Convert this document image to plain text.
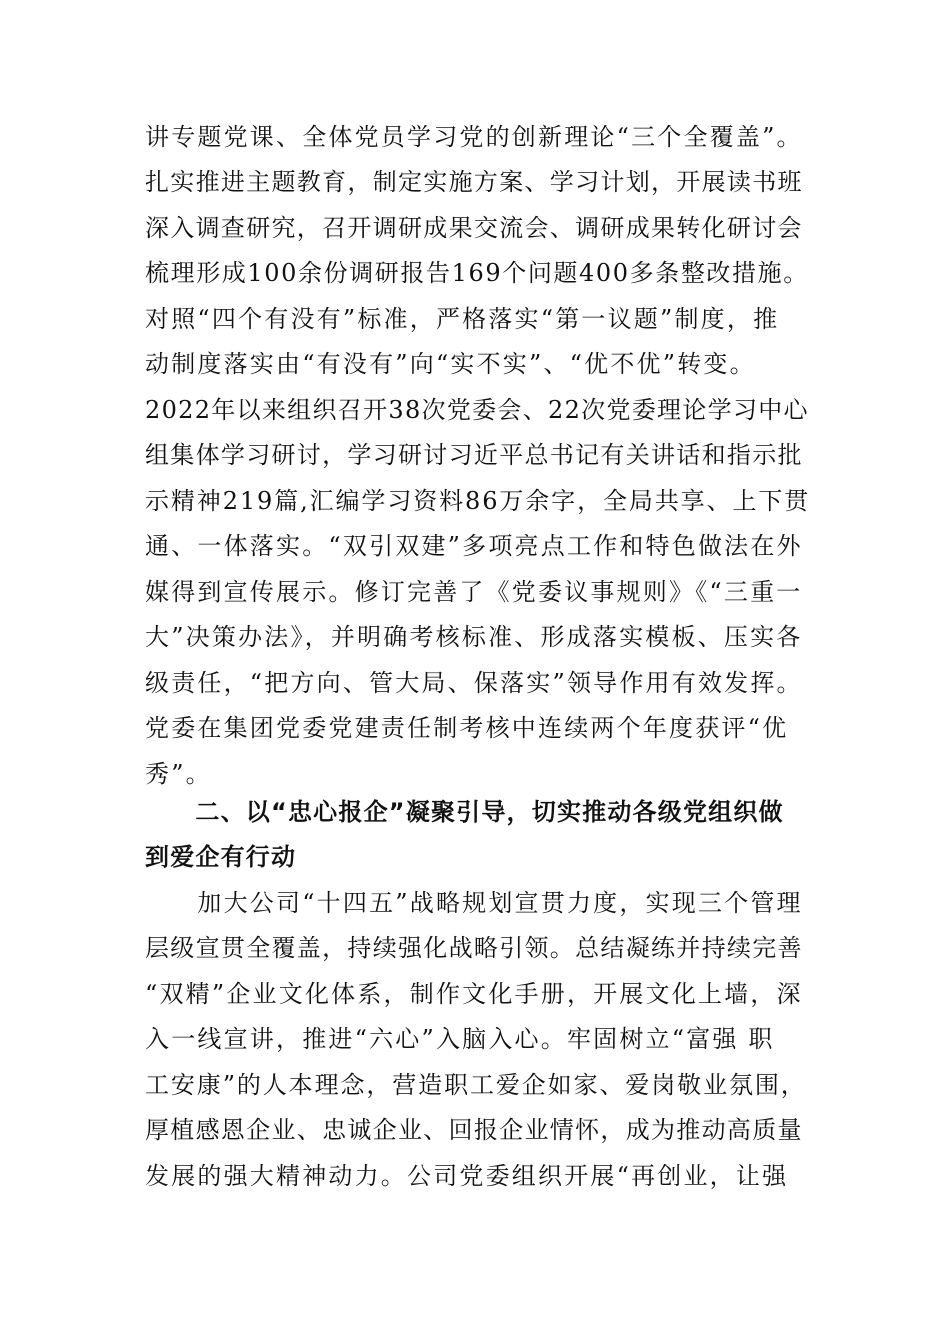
讲专题党课、全体党员学习党的创新理论“三个全覆盖”。
扎实推进主题教育，制定实施方案、学习计划，开展读书班
深入调查研究，召开调研成果交流会、调研成果转化研讨会
梳理形成100余份调研报告169个问题400多条整改措施。
对照“四个有没有”标准，严格落实“第一议题”制度，推
动制度落实由“有没有”向“实不实”、“优不优”转变。
2022年以来组织召开38次党委会、22次党委理论学习中心
组集体学习研讨，学习研讨习近平总书记有关讲话和指示批
示精神219篇,汇编学习资料86万余字，全局共享、上下贯
通、一体落实。“双引双建”多项亮点工作和特色做法在外
媒得到宣传展示。修订完善了《党委议事规则》《“三重一
大”决策办法》，并明确考核标准、形成落实模板、压实各
级责任，“把方向、管大局、保落实”领导作用有效发挥。
党委在集团党委党建责任制考核中连续两个年度获评“优
秀”。
　　二、以“忠心报企”凝聚引导，切实推动各级党组织做
到爱企有行动
　　加大公司“十四五”战略规划宣贯力度，实现三个管理
层级宣贯全覆盖，持续强化战略引领。总结凝练并持续完善
“双精”企业文化体系，制作文化手册，开展文化上墙，深
入一线宣讲，推进“六心”入脑入心。牢固树立“富强 职
工安康”的人本理念，营造职工爱企如家、爱岗敬业氛围，
厚植感恩企业、忠诚企业、回报企业情怀，成为推动高质量
发展的强大精神动力。公司党委组织开展“再创业，让强
